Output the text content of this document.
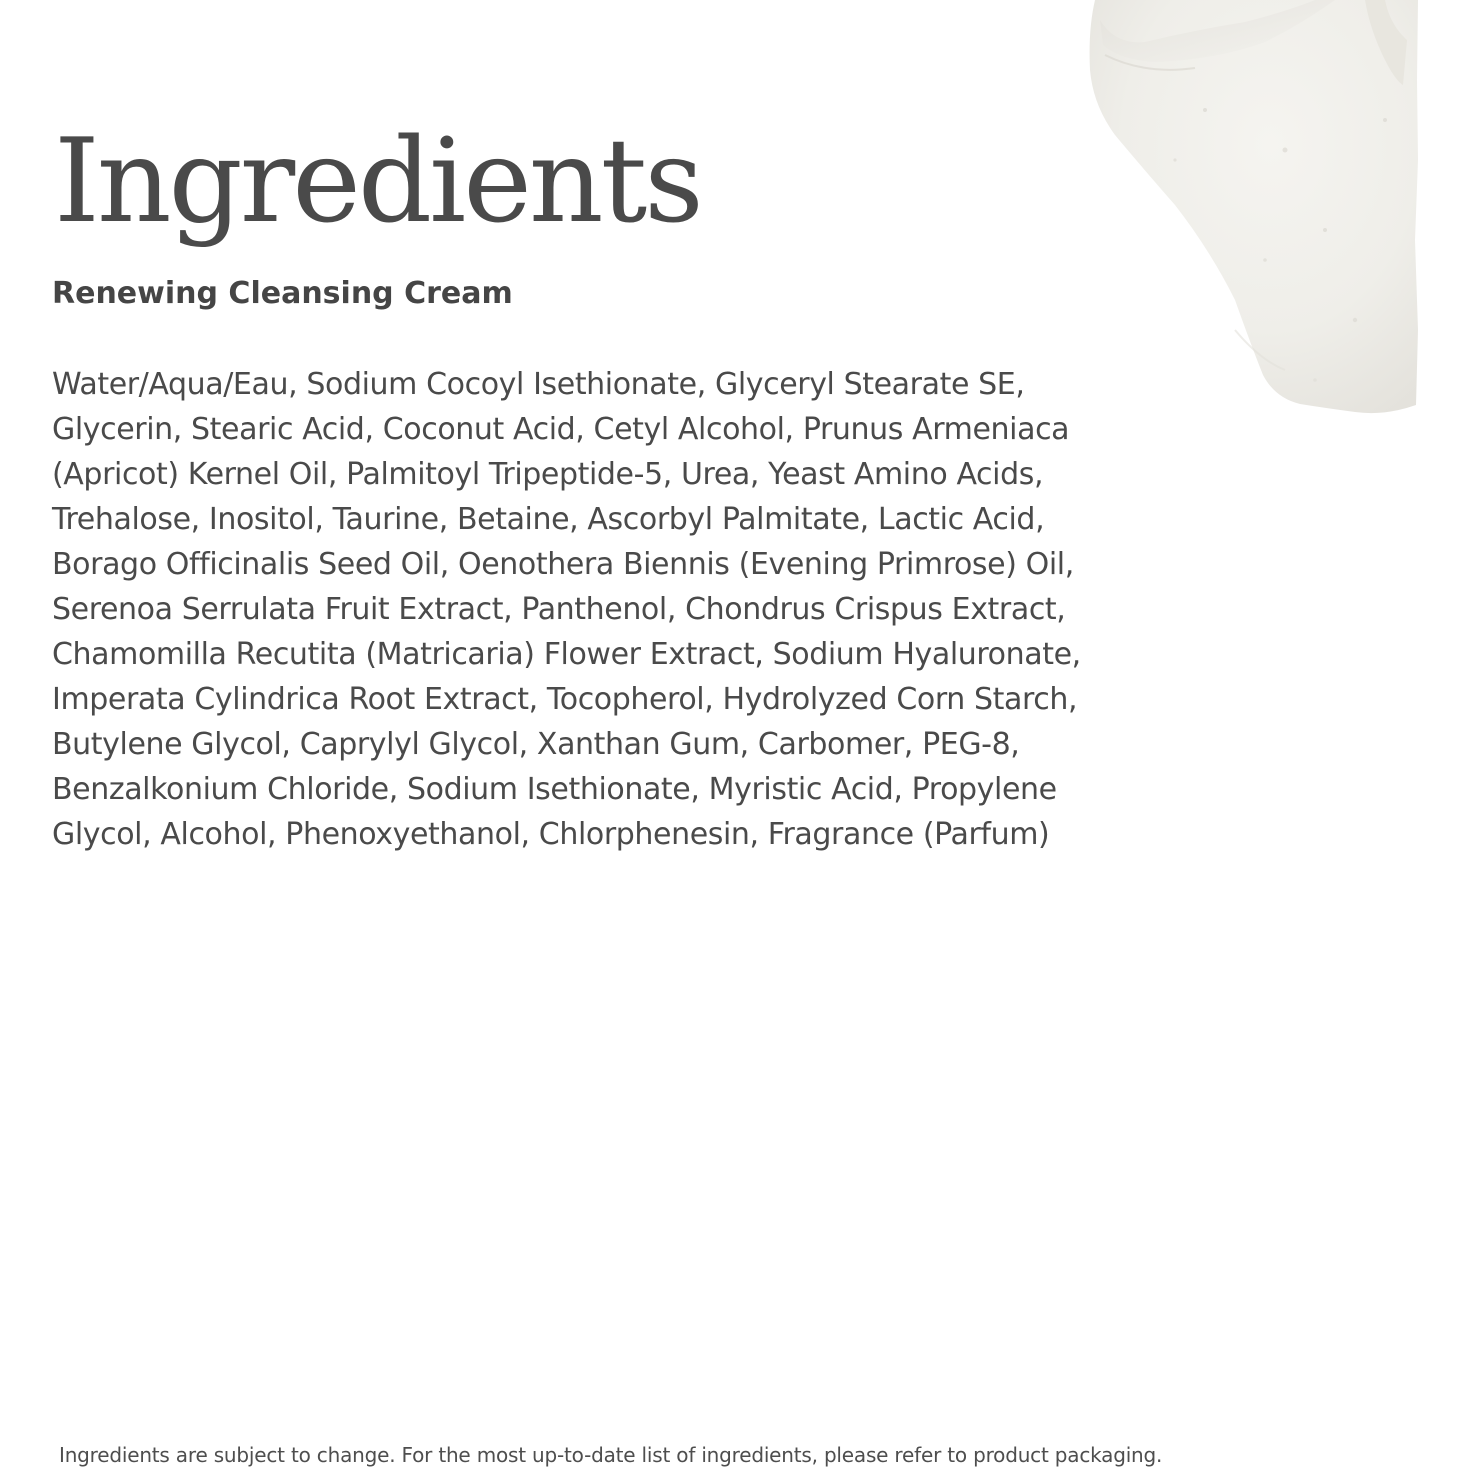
Ingredients
Renewing Cleansing Cream

Water/Aqua/Eau, Sodium Cocoyl Isethionate, Glyceryl Stearate SE,
Glycerin, Stearic Acid, Coconut Acid, Cetyl Alcohol, Prunus Armeniaca
(Apricot) Kernel Oil, Palmitoyl Tripeptide-5, Urea, Yeast Amino Acids,
Trehalose, Inositol, Taurine, Betaine, Ascorbyl Palmitate, Lactic Acid,
Borago Officinalis Seed Oil, Oenothera Biennis (Evening Primrose) Oil,
Serenoa Serrulata Fruit Extract, Panthenol, Chondrus Crispus Extract,
Chamomilla Recutita (Matricaria) Flower Extract, Sodium Hyaluronate,
Imperata Cylindrica Root Extract, Tocopherol, Hydrolyzed Corn Starch,
Butylene Glycol, Caprylyl Glycol, Xanthan Gum, Carbomer, PEG-8,
Benzalkonium Chloride, Sodium Isethionate, Myristic Acid, Propylene
Glycol, Alcohol, Phenoxyethanol, Chlorphenesin, Fragrance (Parfum)

Ingredients are subject to change. For the most up-to-date list of ingredients, please refer to product packaging.
